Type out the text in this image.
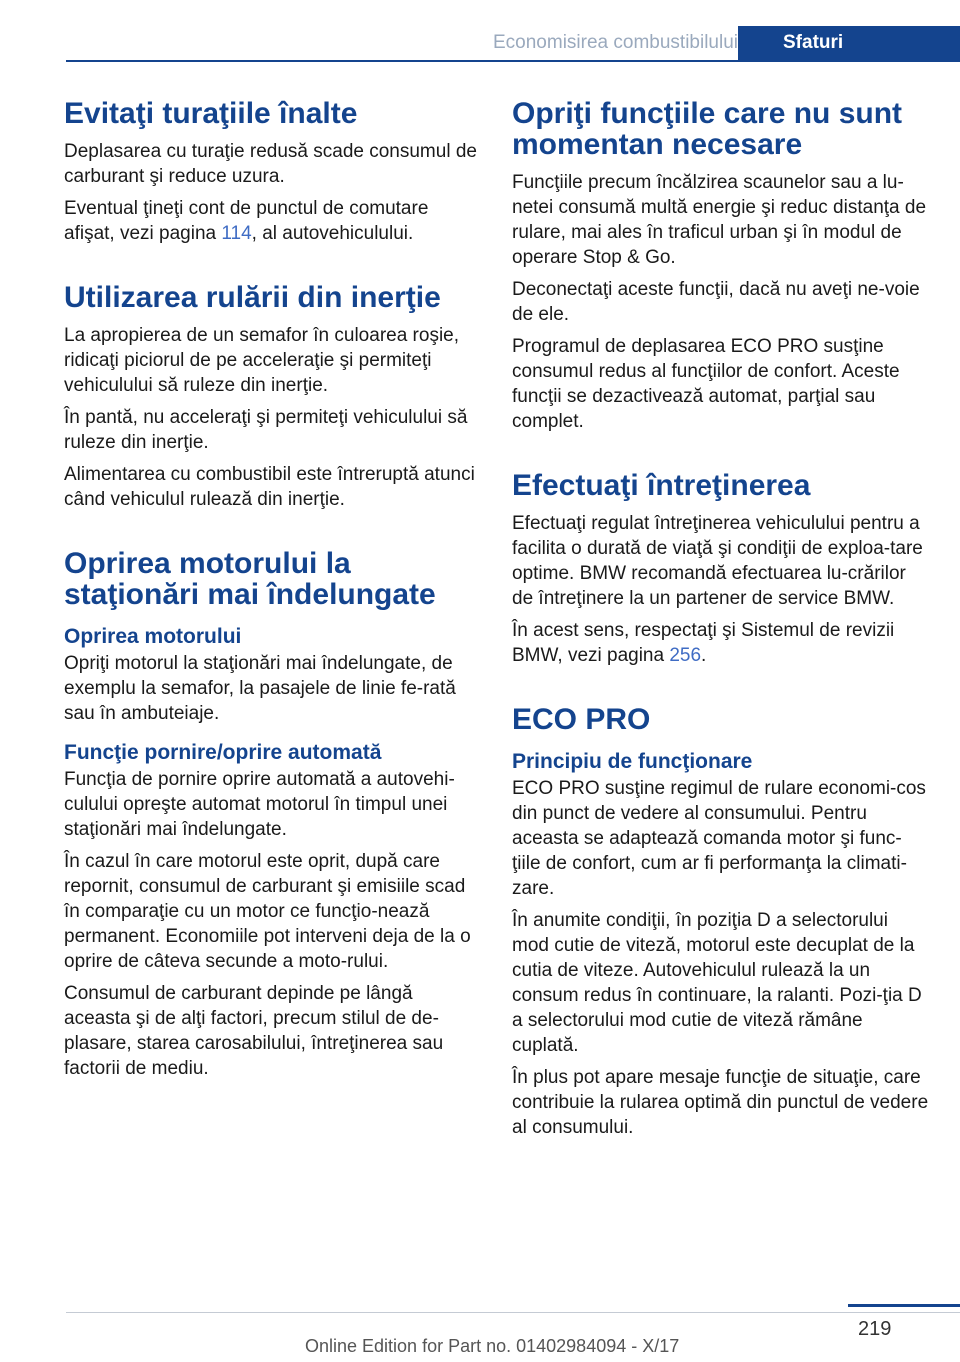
Economisirea combustibilului	Sfaturi
Evitaţi turaţiile înalte

Deplasarea cu turaţie redusă scade consumul de carburant şi reduce uzura.

Eventual ţineţi cont de punctul de comutare afişat, vezi pagina 114, al autovehiculului.

Utilizarea rulării din inerţie

La apropierea de un semafor în culoarea roşie, ridicaţi piciorul de pe acceleraţie şi permiteţi vehiculului să ruleze din inerţie.

În pantă, nu acceleraţi şi permiteţi vehiculului să ruleze din inerţie.

Alimentarea cu combustibil este întreruptă atunci când vehiculul rulează din inerţie.

Oprirea motorului la staţionări mai îndelungate
Oprirea motorului

Opriţi motorul la staţionări mai îndelungate, de exemplu la semafor, la pasajele de linie fe-rată sau în ambuteiaje.

Funcţie pornire/oprire automată

Funcţia de pornire oprire automată a autovehi-culului opreşte automat motorul în timpul unei staţionări mai îndelungate.

În cazul în care motorul este oprit, după care repornit, consumul de carburant şi emisiile scad în comparaţie cu un motor ce funcţio-nează permanent. Economiile pot interveni deja de la o oprire de câteva secunde a moto-rului.

Consumul de carburant depinde pe lângă aceasta şi de alţi factori, precum stilul de de-plasare, starea carosabilului, întreţinerea sau factorii de mediu.

Opriţi funcţiile care nu sunt momentan necesare

Funcţiile precum încălzirea scaunelor sau a lu-netei consumă multă energie şi reduc distanţa de rulare, mai ales în traficul urban şi în modul de operare Stop & Go.

Deconectaţi aceste funcţii, dacă nu aveţi ne-voie de ele.

Programul de deplasarea ECO PRO susţine consumul redus al funcţiilor de confort. Aceste funcţii se dezactivează automat, parţial sau complet.

Efectuaţi întreţinerea

Efectuaţi regulat întreţinerea vehiculului pentru a facilita o durată de viaţă şi condiţii de exploa-tare optime. BMW recomandă efectuarea lu-crărilor de întreţinere la un partener de service BMW.

În acest sens, respectaţi şi Sistemul de revizii BMW, vezi pagina 256.

ECO PRO
Principiu de funcţionare

ECO PRO susţine regimul de rulare economi-cos din punct de vedere al consumului. Pentru aceasta se adaptează comanda motor şi func-ţiile de confort, cum ar fi performanţa la climati-zare.

În anumite condiţii, în poziţia D a selectorului mod cutie de viteză, motorul este decuplat de la cutia de viteze. Autovehiculul rulează la un consum redus în continuare, la ralanti. Pozi-ţia D a selectorului mod cutie de viteză rămâne cuplată.

În plus pot apare mesaje funcţie de situaţie, care contribuie la rularea optimă din punctul de vedere al consumului.

219
Online Edition for Part no. 01402984094 - X/17
